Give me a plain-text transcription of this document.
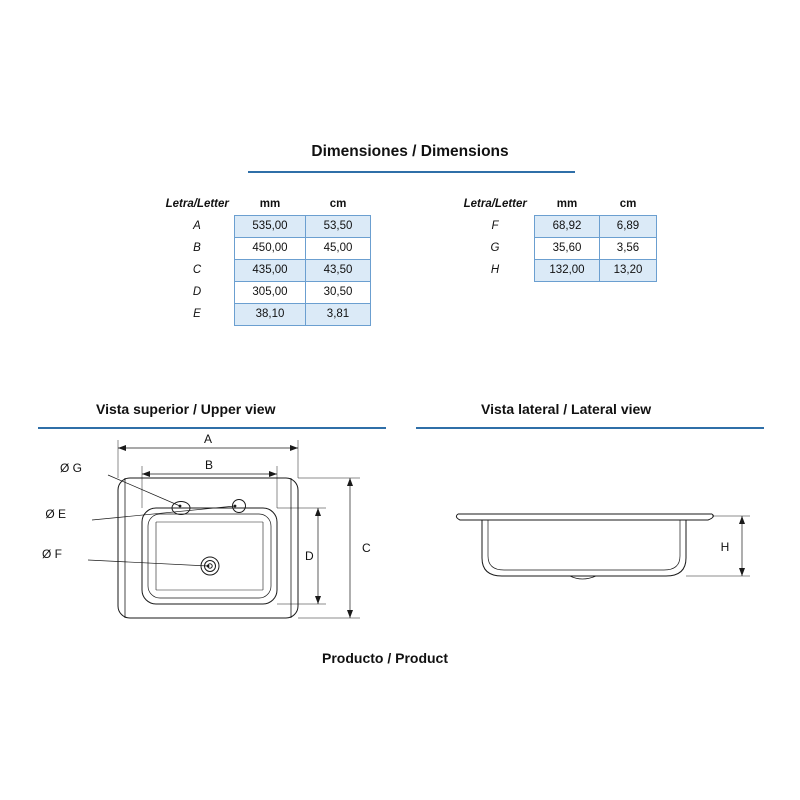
Dimensiones / Dimensions
Letra/Letter	mm	cm
A	535,00	53,50
B	450,00	45,00
C	435,00	43,50
D	305,00	30,50
E	38,10	3,81
Letra/Letter	mm	cm
F	68,92	6,89
G	35,60	3,56
H	132,00	13,20
Vista superior / Upper view	Vista lateral / Lateral view
Producto / Product
A
B
C
D
Ø G
Ø E
Ø F	H
